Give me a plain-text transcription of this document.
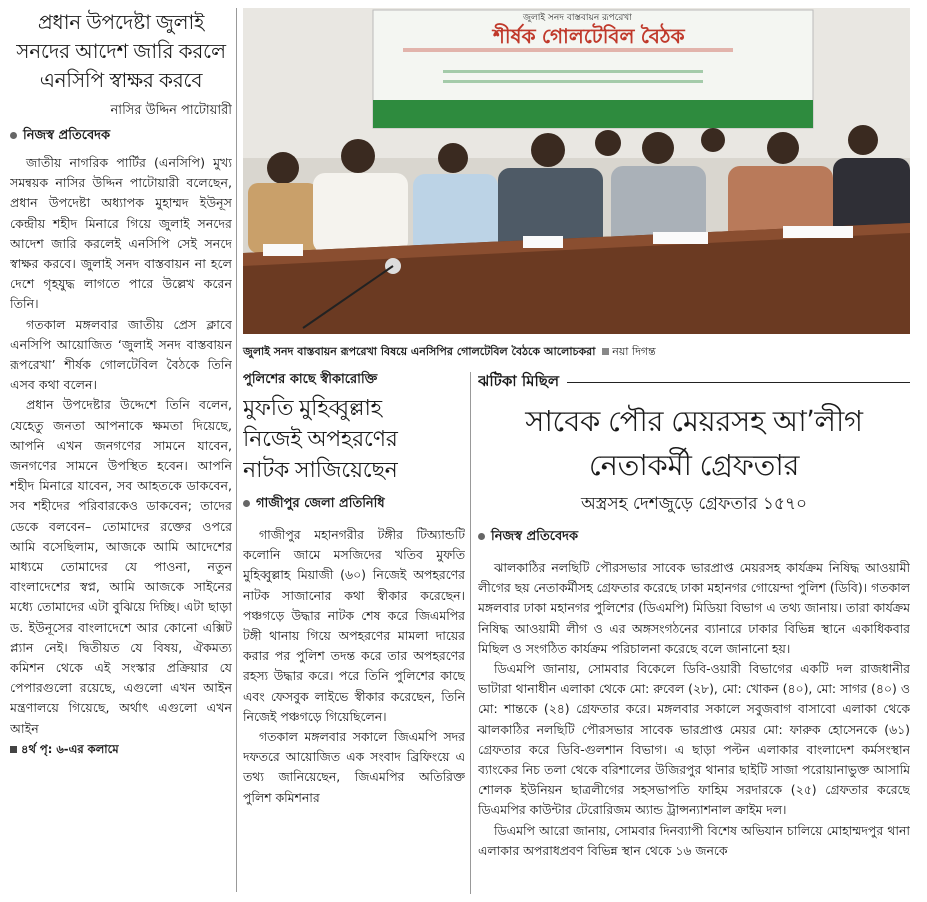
প্রধান উপদেষ্টা জুলাই
সনদের আদেশ জারি করলে
এনসিপি স্বাক্ষর করবে
নাসির উদ্দিন পাটোয়ারী
নিজস্ব প্রতিবেদক

জাতীয় নাগরিক পার্টির (এনসিপি) মুখ্য সমন্বয়ক নাসির উদ্দিন পাটোয়ারী বলেছেন, প্রধান উপদেষ্টা অধ্যাপক মুহাম্মদ ইউনূস কেন্দ্রীয় শহীদ মিনারে গিয়ে জুলাই সনদের আদেশ জারি করলেই এনসিপি সেই সনদে স্বাক্ষর করবে। জুলাই সনদ বাস্তবায়ন না হলে দেশে গৃহযুদ্ধ লাগতে পারে উল্লেখ করেন তিনি।

গতকাল মঙ্গলবার জাতীয় প্রেস ক্লাবে এনসিপি আয়োজিত ‘জুলাই সনদ বাস্তবায়ন রূপরেখা’ শীর্ষক গোলটেবিল বৈঠকে তিনি এসব কথা বলেন।

প্রধান উপদেষ্টার উদ্দেশে তিনি বলেন, যেহেতু জনতা আপনাকে ক্ষমতা দিয়েছে, আপনি এখন জনগণের সামনে যাবেন, জনগণের সামনে উপস্থিত হবেন। আপনি শহীদ মিনারে যাবেন, সব আহতকে ডাকবেন, সব শহীদের পরিবারকেও ডাকবেন; তাদের ডেকে বলবেন– তোমাদের রক্তের ওপরে আমি বসেছিলাম, আজকে আমি আদেশের মাধ্যমে তোমাদের যে পাওনা, নতুন বাংলাদেশের স্বপ্ন, আমি আজকে সাইনের মধ্যে তোমাদের এটা বুঝিয়ে দিচ্ছি। এটা ছাড়া ড. ইউনূসের বাংলাদেশে আর কোনো এক্সিট প্ল্যান নেই। দ্বিতীয়ত যে বিষয়, ঐকমত্য কমিশন থেকে এই সংস্কার প্রক্রিয়ার যে পেপারগুলো রয়েছে, এগুলো এখন আইন মন্ত্রণালয়ে গিয়েছে, অর্থাৎ এগুলো এখন আইন

৪র্থ পৃ: ৬-এর কলামে
জুলাই সনদ বাস্তবায়ন রূপরেখা
শীর্ষক গোলটেবিল বৈঠক
জুলাই সনদ বাস্তবায়ন রূপরেখা বিষয়ে এনসিপির গোলটেবিল বৈঠকে আলোচকরা নয়া দিগন্ত
পুলিশের কাছে স্বীকারোক্তি
মুফতি মুহিব্বুল্লাহ
নিজেই অপহরণের
নাটক সাজিয়েছেন
গাজীপুর জেলা প্রতিনিধি

গাজীপুর মহানগরীর টঙ্গীর টিঅ্যান্ডটি কলোনি জামে মসজিদের খতিব মুফতি মুহিব্বুল্লাহ মিয়াজী (৬০) নিজেই অপহরণের নাটক সাজানোর কথা স্বীকার করেছেন। পঞ্চগড়ে উদ্ধার নাটক শেষ করে জিএমপির টঙ্গী থানায় গিয়ে অপহরণের মামলা দায়ের করার পর পুলিশ তদন্ত করে তার অপহরণের রহস্য উদ্ধার করে। পরে তিনি পুলিশের কাছে এবং ফেসবুক লাইভে স্বীকার করেছেন, তিনি নিজেই পঞ্চগড়ে গিয়েছিলেন।

গতকাল মঙ্গলবার সকালে জিএমপি সদর দফতরে আয়োজিত এক সংবাদ ব্রিফিংয়ে এ তথ্য জানিয়েছেন, জিএমপির অতিরিক্ত পুলিশ কমিশনার

ঝটিকা মিছিল
সাবেক পৌর মেয়রসহ আ’লীগ
নেতাকর্মী গ্রেফতার
অস্ত্রসহ দেশজুড়ে গ্রেফতার ১৫৭০
নিজস্ব প্রতিবেদক

ঝালকাঠির নলছিটি পৌরসভার সাবেক ভারপ্রাপ্ত মেয়রসহ কার্যক্রম নিষিদ্ধ আওয়ামী লীগের ছয় নেতাকর্মীসহ গ্রেফতার করেছে ঢাকা মহানগর গোয়েন্দা পুলিশ (ডিবি)। গতকাল মঙ্গলবার ঢাকা মহানগর পুলিশের (ডিএমপি) মিডিয়া বিভাগ এ তথ্য জানায়। তারা কার্যক্রম নিষিদ্ধ আওয়ামী লীগ ও এর অঙ্গসংগঠনের ব্যানারে ঢাকার বিভিন্ন স্থানে একাধিকবার মিছিল ও সংগঠিত কার্যক্রম পরিচালনা করেছে বলে জানানো হয়।

ডিএমপি জানায়, সোমবার বিকেলে ডিবি-ওয়ারী বিভাগের একটি দল রাজধানীর ভাটারা থানাধীন এলাকা থেকে মো: রুবেল (২৮), মো: খোকন (৪০), মো: সাগর (৪০) ও মো: শান্তকে (২৪) গ্রেফতার করে। মঙ্গলবার সকালে সবুজবাগ বাসাবো এলাকা থেকে ঝালকাঠির নলছিটি পৌরসভার সাবেক ভারপ্রাপ্ত মেয়র মো: ফারুক হোসেনকে (৬১) গ্রেফতার করে ডিবি-গুলশান বিভাগ। এ ছাড়া পল্টন এলাকার বাংলাদেশ কর্মসংস্থান ব্যাংকের নিচ তলা থেকে বরিশালের উজিরপুর থানার ছাইটি সাজা পরোয়ানাভুক্ত আসামি শোলক ইউনিয়ন ছাত্রলীগের সহসভাপতি ফাহিম সরদারকে (২৫) গ্রেফতার করেছে ডিএমপির কাউন্টার টেরোরিজম অ্যান্ড ট্রান্সন্যাশনাল ক্রাইম দল।

ডিএমপি আরো জানায়, সোমবার দিনব্যাপী বিশেষ অভিযান চালিয়ে মোহাম্মদপুর থানা এলাকার অপরাধপ্রবণ বিভিন্ন স্থান থেকে ১৬ জনকে
